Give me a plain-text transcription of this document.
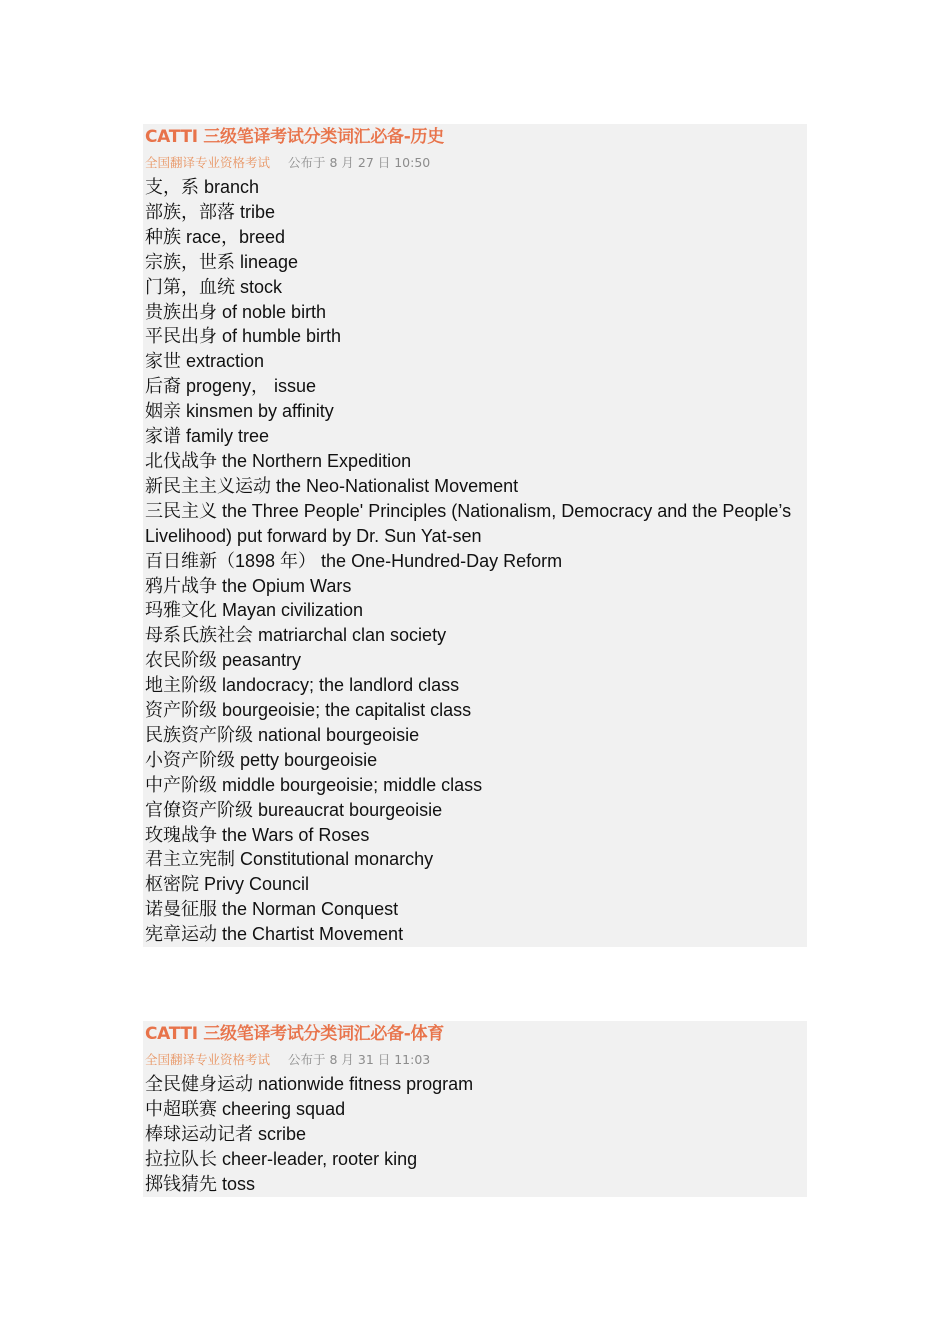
CATTI 三级笔译考试分类词汇必备-历史
全国翻译专业资格考试 公布于 8 月 27 日 10:50
支，系 branch
部族，部落 tribe
种族 race，breed
宗族，世系 lineage
门第，血统 stock
贵族出身 of noble birth
平民出身 of humble birth
家世 extraction
后裔 progeny， issue
姻亲 kinsmen by affinity
家谱 family tree
北伐战争 the Northern Expedition
新民主主义运动 the Neo-Nationalist Movement
三民主义 the Three People' Principles (Nationalism, Democracy and the People’s Livelihood) put forward by Dr. Sun Yat-sen
百日维新（1898 年） the One-Hundred-Day Reform
鸦片战争 the Opium Wars
玛雅文化 Mayan civilization
母系氏族社会 matriarchal clan society
农民阶级 peasantry
地主阶级 landocracy; the landlord class
资产阶级 bourgeoisie; the capitalist class
民族资产阶级 national bourgeoisie
小资产阶级 petty bourgeoisie
中产阶级 middle bourgeoisie; middle class
官僚资产阶级 bureaucrat bourgeoisie
玫瑰战争 the Wars of Roses
君主立宪制 Constitutional monarchy
枢密院 Privy Council
诺曼征服 the Norman Conquest
宪章运动 the Chartist Movement
CATTI 三级笔译考试分类词汇必备-体育
全国翻译专业资格考试 公布于 8 月 31 日 11:03
全民健身运动 nationwide fitness program
中超联赛 cheering squad
棒球运动记者 scribe
拉拉队长 cheer-leader, rooter king
掷钱猜先 toss
